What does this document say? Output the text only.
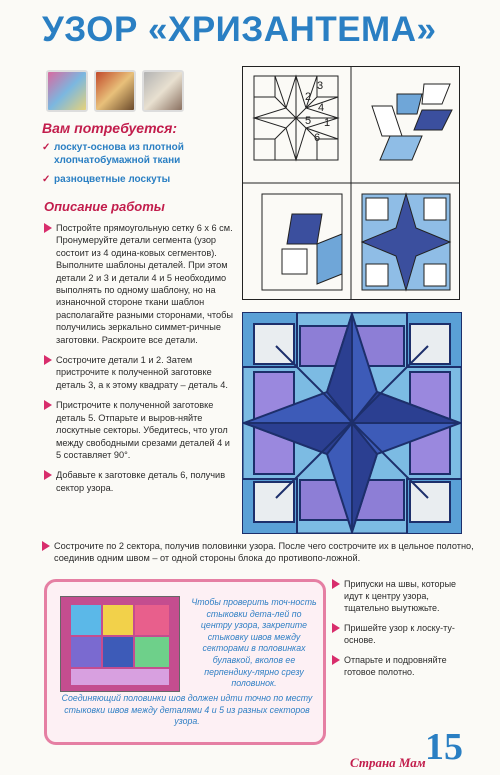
УЗОР «ХРИЗАНТЕМА»
Вам потребуется:
✓ лоскут-основа из плотной хлопчатобумажной ткани
✓ разноцветные лоскуты
Описание работы
Постройте прямоугольную сетку 6 х 6 см. Пронумеруйте детали сегмента (узор состоит из 4 одина-ковых сегментов). Выполните шаблоны деталей. При этом детали 2 и 3 и детали 4 и 5 необходимо выполнять по одному шаблону, но на изнаночной стороне ткани шаблон располагайте разными сторонами, чтобы получились зеркально симмет-ричные заготовки. Раскроите все детали.
Сострочите детали 1 и 2. Затем пристрочите к полученной заготовке деталь 3, а к этому квадрату – деталь 4.
Пристрочите к полученной заготовке деталь 5. Отпарьте и выров-няйте лоскутные секторы. Убедитесь, что угол между свободными срезами деталей 4 и 5 составляет 90°.
Добавьте к заготовке деталь 6, получив сектор узора.
Сострочите по 2 сектора, получив половинки узора. После чего сострочите их в цельное полотно, соединив одним швом – от одной стороны блока до противопо-ложной.
3
2
4
5 1
6
Чтобы проверить точ-ность стыковки дета-лей по центру узора, закрепите стыковку швов между секторами в половинках булавкой, вколов ее перпендику-лярно срезу половинок.
Соединяющий половинки шов должен идти точно по месту стыковки швов между деталями 4 и 5 из разных секторов узора.
Припуски на швы, которые идут к центру узора, тщательно выутюжьте.
Пришейте узор к лоску-ту-основе.
Отпарьте и подровняйте готовое полотно.
15
Страна Мам
